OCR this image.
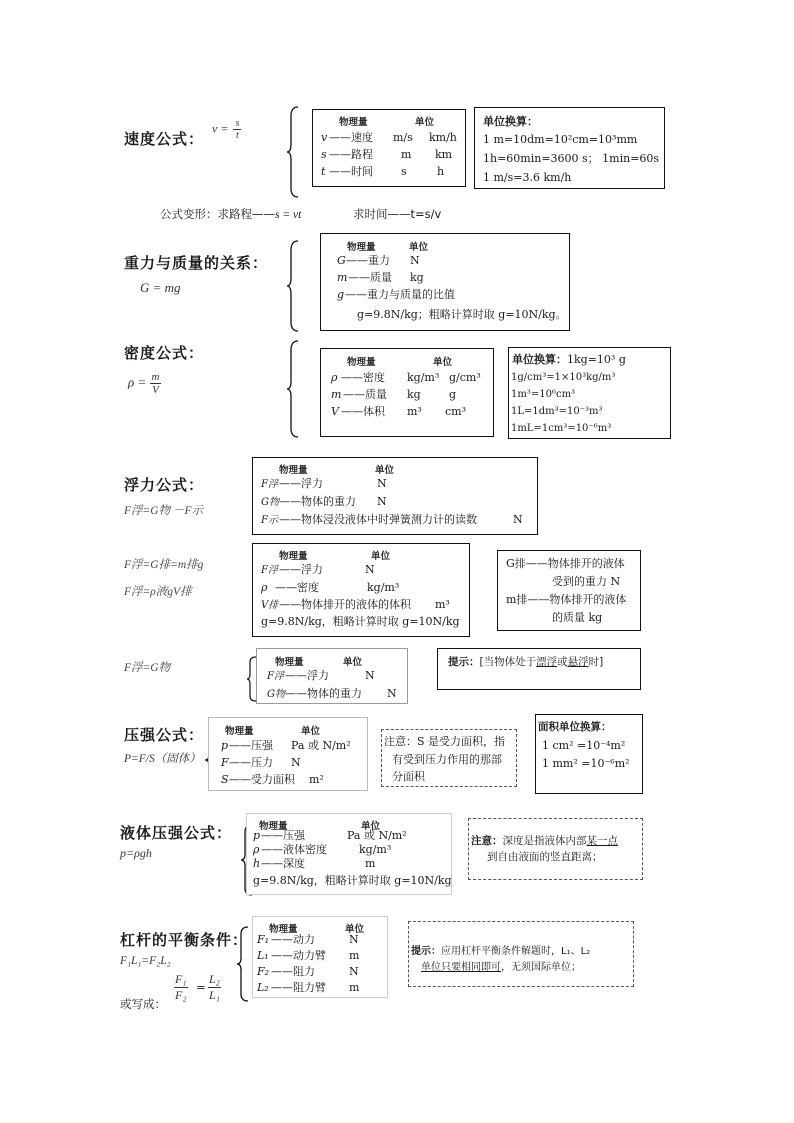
速度公式：
$v = \frac{s}{t}$	物理量	单位
v ——速度 m/s km/h
s ——路程	m km
t ——时间	s	h
单位换算：
1 m=10dm=10²cm=10³mm
1h=60min=3600 s； 1min=60s
1 m/s=3.6 km/h
公式变形：求路程——s = vt	求时间——t=s/v
重力与质量的关系：
G = mg
物理量	单位
G——重力 N
m——质量 kg
g——重力与质量的比值
g=9.8N/kg；粗略计算时取 g=10N/kg。
密度公式：
$\rho = \frac{m}{V}$
物理量	单位
ρ ——密度 kg/m³ g/cm³
m ——质量 kg	g
V ——体积 m³ cm³
单位换算：1kg=10³ g
1g/cm³=1×10³kg/m³
1m³=10⁶cm³
1L=1dm³=10⁻³m³
1mL=1cm³=10⁻⁶m³
浮力公式：
F浮=G物 －F示
物理量	单位
F浮——浮力	N
G物——物体的重力 N
F示——物体浸没液体中时弹簧测力计的读数	N
F浮=G排=m排g
F浮=ρ液gV排
物理量	单位
F浮——浮力	N
ρ——密度	kg/m³
V排——物体排开的液体的体积 m³
g=9.8N/kg，粗略计算时取 g=10N/kg
G排——物体排开的液体
受到的重力 N
m排——物体排开的液体
的质量 kg
F浮=G物	物理量	单位
F浮——浮力	N
G物——物体的重力 N
提示：[当物体处于漂浮或悬浮时]
压强公式：
P=F/S（固体）
物理量	单位
p——压强 Pa 或 N/m²
F——压力 N
S——受力面积 m²
注意：S 是受力面积，指
有受到压力作用的那部
分面积
面积单位换算：
1 cm² =10⁻⁴m²
1 mm² =10⁻⁶m²
液体压强公式：
p=ρgh
物理量	单位
p——压强	Pa 或 N/m²
ρ ——液体密度	kg/m³
h——深度	m
g=9.8N/kg，粗略计算时取 g=10N/kg
注意：深度是指液体内部某一点
到自由液面的竖直距离；
杠杆的平衡条件：
F₁L₁=F₂L₂
或写成：
F₁
F₂
=
L₂
L₁
物理量	单位
F₁ ——动力	N
L₁ ——动力臂 m
F₂ ——阻力	N
L₂ ——阻力臂 m
提示：应用杠杆平衡条件解题时，L₁、L₂
单位只要相同即可，无须国际单位；
